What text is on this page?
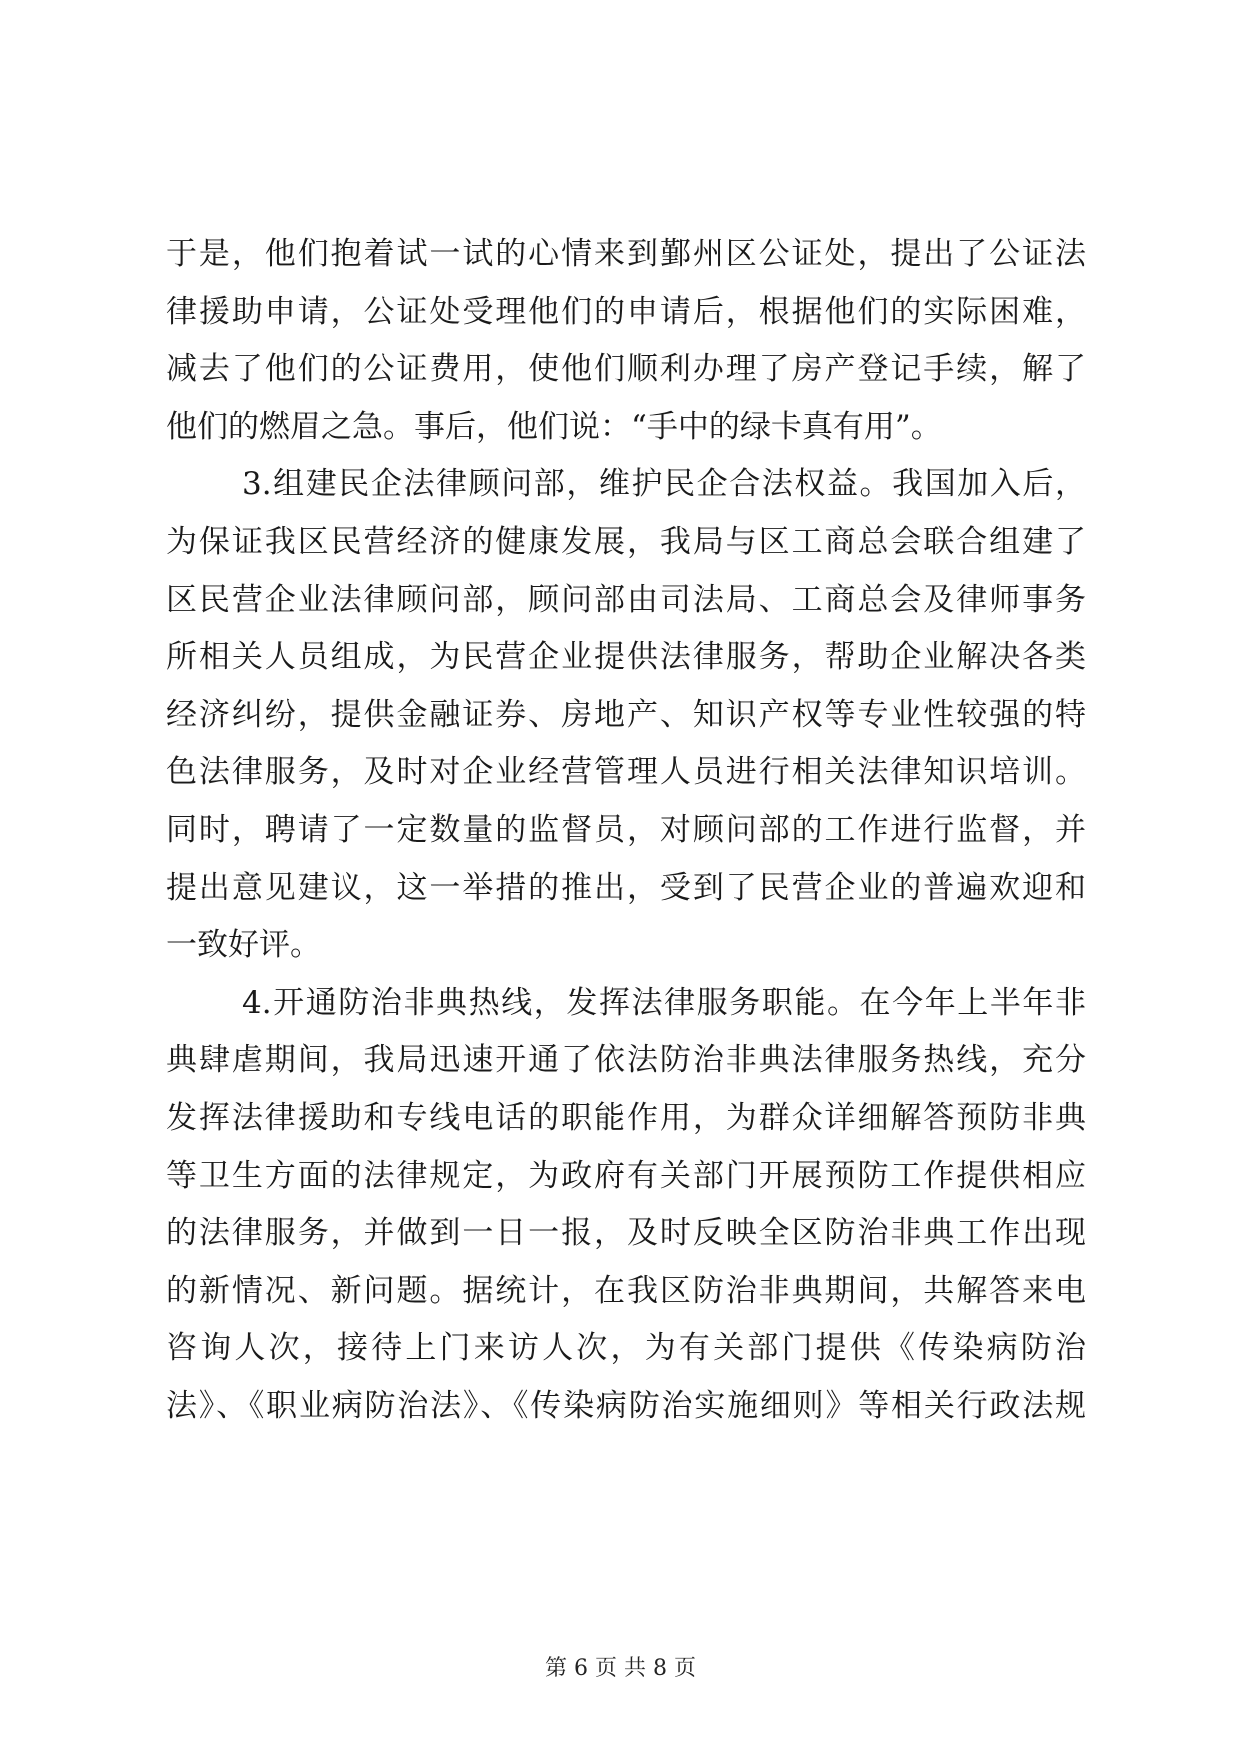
于是，他们抱着试一试的心情来到鄞州区公证处，提出了公证法
律援助申请，公证处受理他们的申请后，根据他们的实际困难，
减去了他们的公证费用，使他们顺利办理了房产登记手续，解了
他们的燃眉之急。事后，他们说：“手中的绿卡真有用”。
3.组建民企法律顾问部，维护民企合法权益。我国加入后，
为保证我区民营经济的健康发展，我局与区工商总会联合组建了
区民营企业法律顾问部，顾问部由司法局、工商总会及律师事务
所相关人员组成，为民营企业提供法律服务，帮助企业解决各类
经济纠纷，提供金融证券、房地产、知识产权等专业性较强的特
色法律服务，及时对企业经营管理人员进行相关法律知识培训。
同时，聘请了一定数量的监督员，对顾问部的工作进行监督，并
提出意见建议，这一举措的推出，受到了民营企业的普遍欢迎和
一致好评。
4.开通防治非典热线，发挥法律服务职能。在今年上半年非
典肆虐期间，我局迅速开通了依法防治非典法律服务热线，充分
发挥法律援助和专线电话的职能作用，为群众详细解答预防非典
等卫生方面的法律规定，为政府有关部门开展预防工作提供相应
的法律服务，并做到一日一报，及时反映全区防治非典工作出现
的新情况、新问题。据统计，在我区防治非典期间，共解答来电
咨询人次，接待上门来访人次，为有关部门提供《传染病防治
法》、《职业病防治法》、《传染病防治实施细则》等相关行政法规
第 6 页 共 8 页
